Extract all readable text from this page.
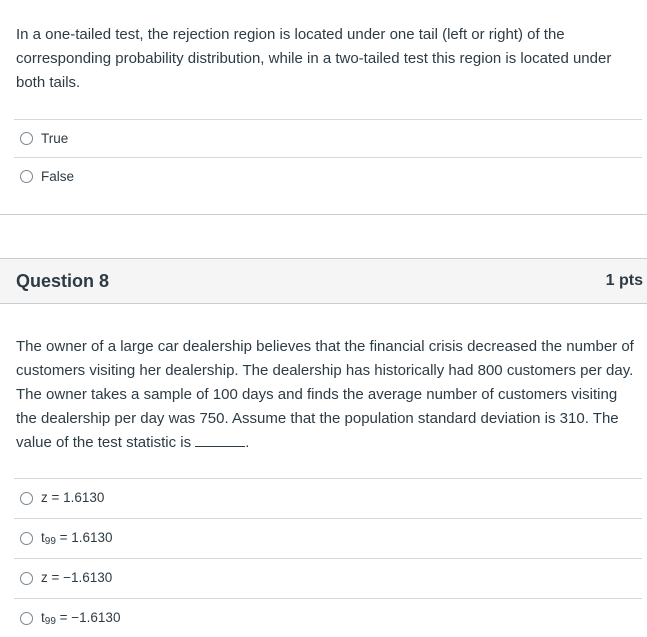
In a one-tailed test, the rejection region is located under one tail (left or right) of the corresponding probability distribution, while in a two-tailed test this region is located under both tails.

True
False
Question 8	1 pts

The owner of a large car dealership believes that the financial crisis decreased the number of customers visiting her dealership. The dealership has historically had 800 customers per day. The owner takes a sample of 100 days and finds the average number of customers visiting the dealership per day was 750. Assume that the population standard deviation is 310. The value of the test statistic is	.

z = 1.6130
$t_{99} = 1.6130$
z = −1.6130
$t_{99} = -1.6130$
